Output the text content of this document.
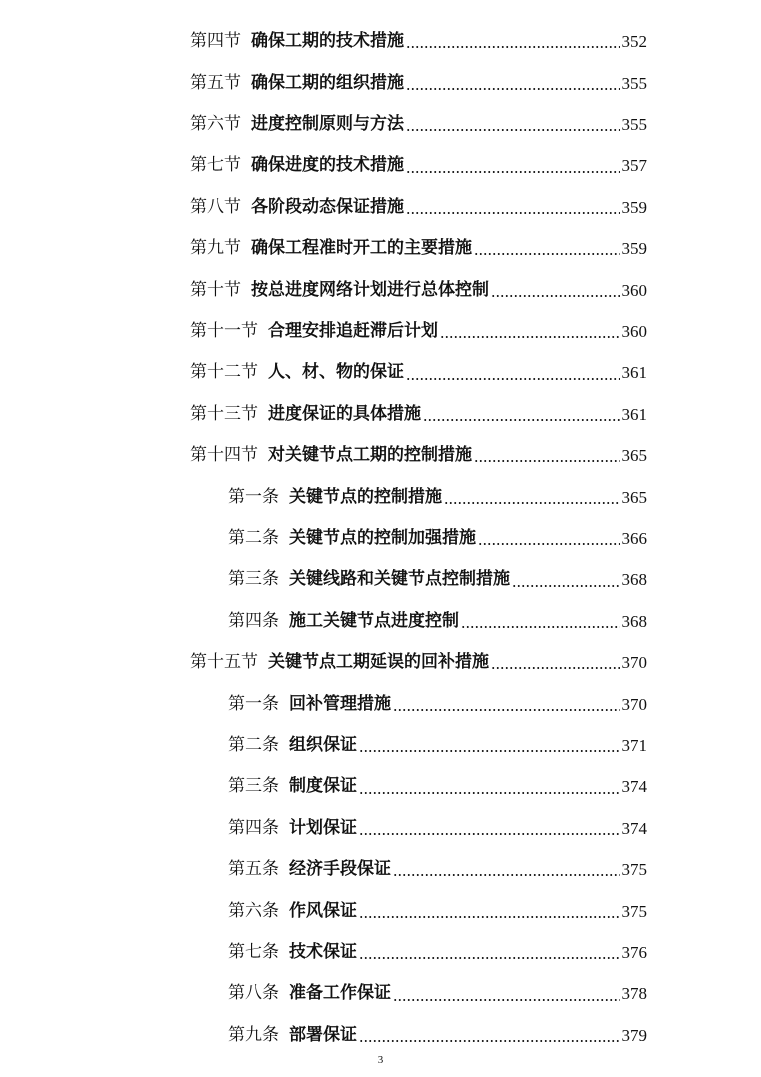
第四节 确保工期的技术措施	352
第五节 确保工期的组织措施	355
第六节 进度控制原则与方法	355
第七节 确保进度的技术措施	357
第八节 各阶段动态保证措施	359
第九节 确保工程准时开工的主要措施	359
第十节 按总进度网络计划进行总体控制	360
第十一节 合理安排追赶滞后计划	360
第十二节 人、材、物的保证	361
第十三节 进度保证的具体措施	361
第十四节 对关键节点工期的控制措施	365
第一条 关键节点的控制措施	365
第二条 关键节点的控制加强措施	366
第三条 关键线路和关键节点控制措施	368
第四条 施工关键节点进度控制	368
第十五节 关键节点工期延误的回补措施	370
第一条 回补管理措施	370
第二条 组织保证	371
第三条 制度保证	374
第四条 计划保证	374
第五条 经济手段保证	375
第六条 作风保证	375
第七条 技术保证	376
第八条 准备工作保证	378
第九条 部署保证	379
3
